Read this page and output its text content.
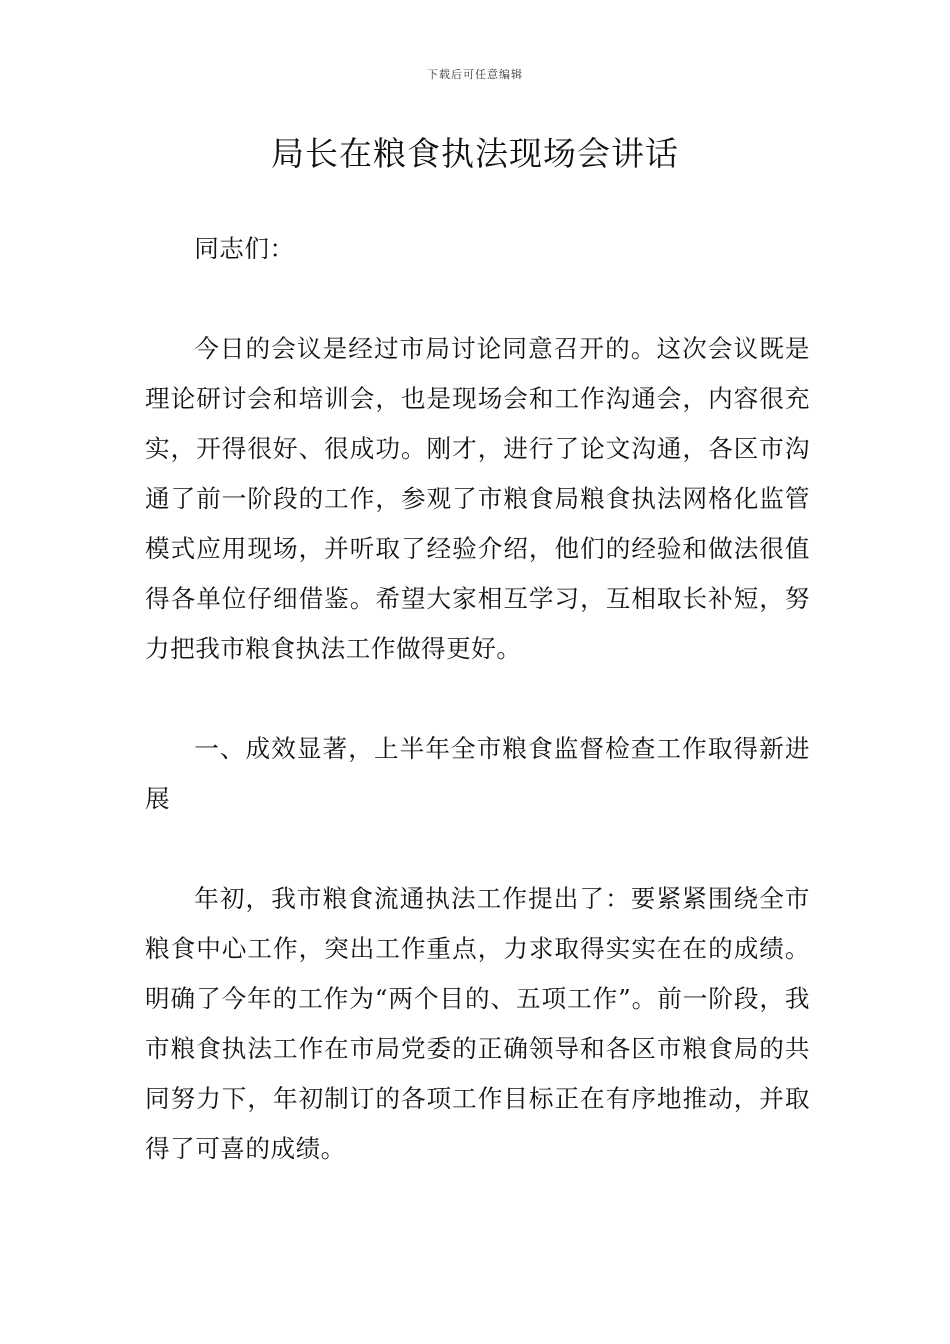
下载后可任意编辑
局长在粮食执法现场会讲话

同志们：

今日的会议是经过市局讨论同意召开的。这次会议既是理论研讨会和培训会，也是现场会和工作沟通会，内容很充实，开得很好、很成功。刚才，进行了论文沟通，各区市沟通了前一阶段的工作，参观了市粮食局粮食执法网格化监管模式应用现场，并听取了经验介绍，他们的经验和做法很值得各单位仔细借鉴。希望大家相互学习，互相取长补短，努力把我市粮食执法工作做得更好。

一、成效显著，上半年全市粮食监督检查工作取得新进展

年初，我市粮食流通执法工作提出了：要紧紧围绕全市粮食中心工作，突出工作重点，力求取得实实在在的成绩。明确了今年的工作为“两个目的、五项工作”。前一阶段，我市粮食执法工作在市局党委的正确领导和各区市粮食局的共同努力下，年初制订的各项工作目标正在有序地推动，并取得了可喜的成绩。
